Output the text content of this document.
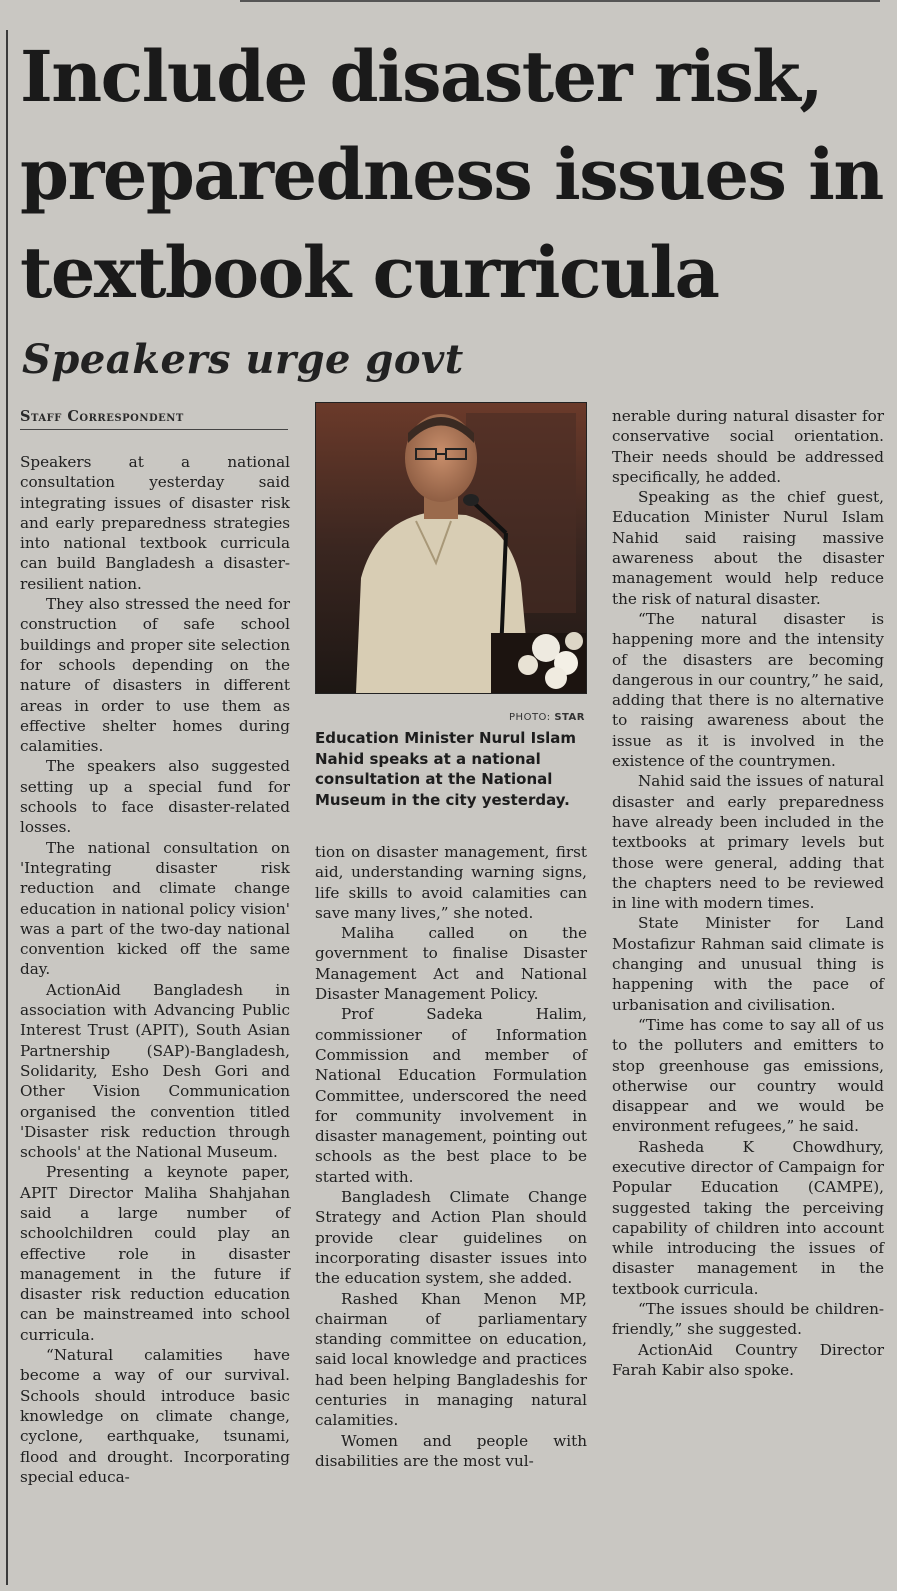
Include disaster risk, preparedness issues in textbook curricula
Speakers urge govt
Staff Correspondent

Speakers at a national consultation yesterday said integrating issues of disaster risk and early preparedness strategies into national textbook curricula can build Bangladesh a disaster-resilient nation.

They also stressed the need for construction of safe school buildings and proper site selection for schools depending on the nature of disasters in different areas in order to use them as effective shelter homes during calamities.

The speakers also suggested setting up a special fund for schools to face disaster-related losses.

The national consultation on 'Integrating disaster risk reduction and climate change education in national policy vision' was a part of the two-day national convention kicked off the same day.

ActionAid Bangladesh in association with Advancing Public Interest Trust (APIT), South Asian Partnership (SAP)-Bangladesh, Solidarity, Esho Desh Gori and Other Vision Communication organised the convention titled 'Disaster risk reduction through schools' at the National Museum.

Presenting a keynote paper, APIT Director Maliha Shahjahan said a large number of schoolchildren could play an effective role in disaster management in the future if disaster risk reduction education can be mainstreamed into school curricula.

“Natural calamities have become a way of our survival. Schools should introduce basic knowledge on climate change, cyclone, earthquake, tsunami, flood and drought. Incorporating special educa-

PHOTO: STAR
Education Minister Nurul Islam Nahid speaks at a national consultation at the National Museum in the city yesterday.

tion on disaster management, first aid, understanding warning signs, life skills to avoid calamities can save many lives,” she noted.

Maliha called on the government to finalise Disaster Management Act and National Disaster Management Policy.

Prof Sadeka Halim, commissioner of Information Commission and member of National Education Formulation Committee, underscored the need for community involvement in disaster management, pointing out schools as the best place to be started with.

Bangladesh Climate Change Strategy and Action Plan should provide clear guidelines on incorporating disaster issues into the education system, she added.

Rashed Khan Menon MP, chairman of parliamentary standing committee on education, said local knowledge and practices had been helping Bangladeshis for centuries in managing natural calamities.

Women and people with disabilities are the most vul-

nerable during natural disaster for conservative social orientation. Their needs should be addressed specifically, he added.

Speaking as the chief guest, Education Minister Nurul Islam Nahid said raising massive awareness about the disaster management would help reduce the risk of natural disaster.

“The natural disaster is happening more and the intensity of the disasters are becoming dangerous in our country,” he said, adding that there is no alternative to raising awareness about the issue as it is involved in the existence of the countrymen.

Nahid said the issues of natural disaster and early preparedness have already been included in the textbooks at primary levels but those were general, adding that the chapters need to be reviewed in line with modern times.

State Minister for Land Mostafizur Rahman said climate is changing and unusual thing is happening with the pace of urbanisation and civilisation.

“Time has come to say all of us to the polluters and emitters to stop greenhouse gas emissions, otherwise our country would disappear and we would be environment refugees,” he said.

Rasheda K Chowdhury, executive director of Campaign for Popular Education (CAMPE), suggested taking the perceiving capability of children into account while introducing the issues of disaster management in the textbook curricula.

“The issues should be children-friendly,” she suggested.

ActionAid Country Director Farah Kabir also spoke.
